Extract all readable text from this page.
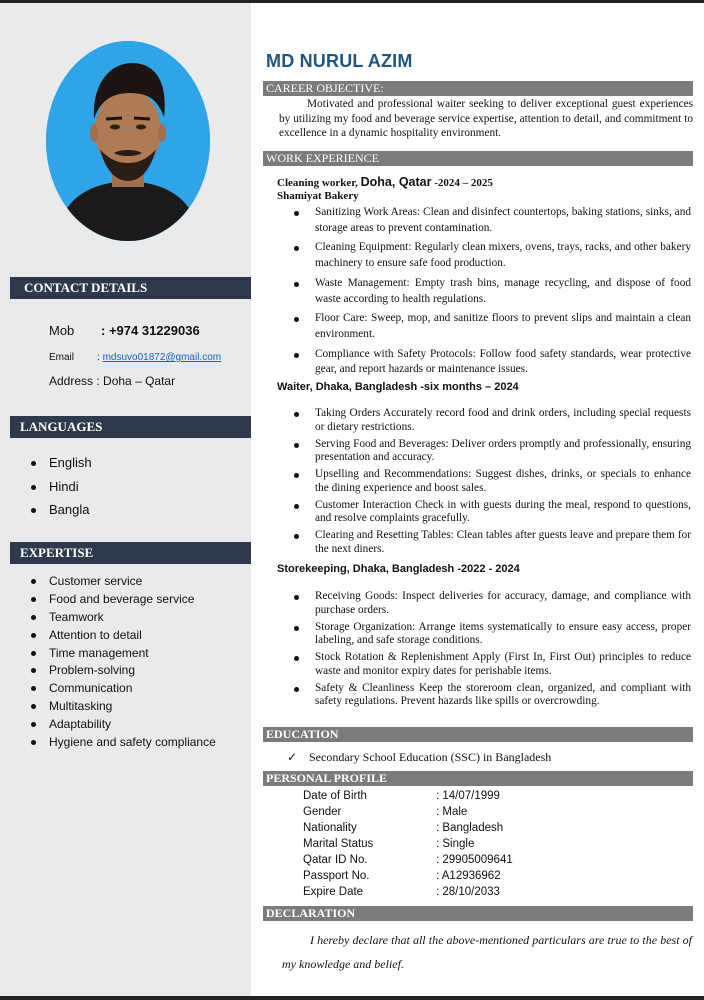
CONTACT DETAILS
Mob : +974 31229036
Email : mdsuvo01872@gmail.com
Address : Doha – Qatar
LANGUAGES
English
Hindi
Bangla
EXPERTISE
Customer service
Food and beverage service
Teamwork
Attention to detail
Time management
Problem-solving
Communication
Multitasking
Adaptability
Hygiene and safety compliance
MD NURUL AZIM
CAREER OBJECTIVE:

Motivated and professional waiter seeking to deliver exceptional guest experiences by utilizing my food and beverage service expertise, attention to detail, and commitment to excellence in a dynamic hospitality environment.

WORK EXPERIENCE
Cleaning worker, Doha, Qatar -2024 – 2025
Shamiyat Bakery
Sanitizing Work Areas: Clean and disinfect countertops, baking stations, sinks, and storage areas to prevent contamination.
Cleaning Equipment: Regularly clean mixers, ovens, trays, racks, and other bakery machinery to ensure safe food production.
Waste Management: Empty trash bins, manage recycling, and dispose of food waste according to health regulations.
Floor Care: Sweep, mop, and sanitize floors to prevent slips and maintain a clean environment.
Compliance with Safety Protocols: Follow food safety standards, wear protective gear, and report hazards or maintenance issues.
Waiter, Dhaka, Bangladesh -six months – 2024
Taking Orders Accurately record food and drink orders, including special requests or dietary restrictions.
Serving Food and Beverages: Deliver orders promptly and professionally, ensuring presentation and accuracy.
Upselling and Recommendations: Suggest dishes, drinks, or specials to enhance the dining experience and boost sales.
Customer Interaction Check in with guests during the meal, respond to questions, and resolve complaints gracefully.
Clearing and Resetting Tables: Clean tables after guests leave and prepare them for the next diners.
Storekeeping, Dhaka, Bangladesh -2022 - 2024
Receiving Goods: Inspect deliveries for accuracy, damage, and compliance with purchase orders.
Storage Organization: Arrange items systematically to ensure easy access, proper labeling, and safe storage conditions.
Stock Rotation & Replenishment Apply (First In, First Out) principles to reduce waste and monitor expiry dates for perishable items.
Safety & Cleanliness Keep the storeroom clean, organized, and compliant with safety regulations. Prevent hazards like spills or overcrowding.
EDUCATION
✓ Secondary School Education (SSC) in Bangladesh
PERSONAL PROFILE
Date of Birth	: 14/07/1999
Gender	: Male
Nationality	: Bangladesh
Marital Status	: Single
Qatar ID No.	: 29905009641
Passport No.	: A12936962
Expire Date	: 28/10/2033
DECLARATION

I hereby declare that all the above-mentioned particulars are true to the best of my knowledge and belief.
